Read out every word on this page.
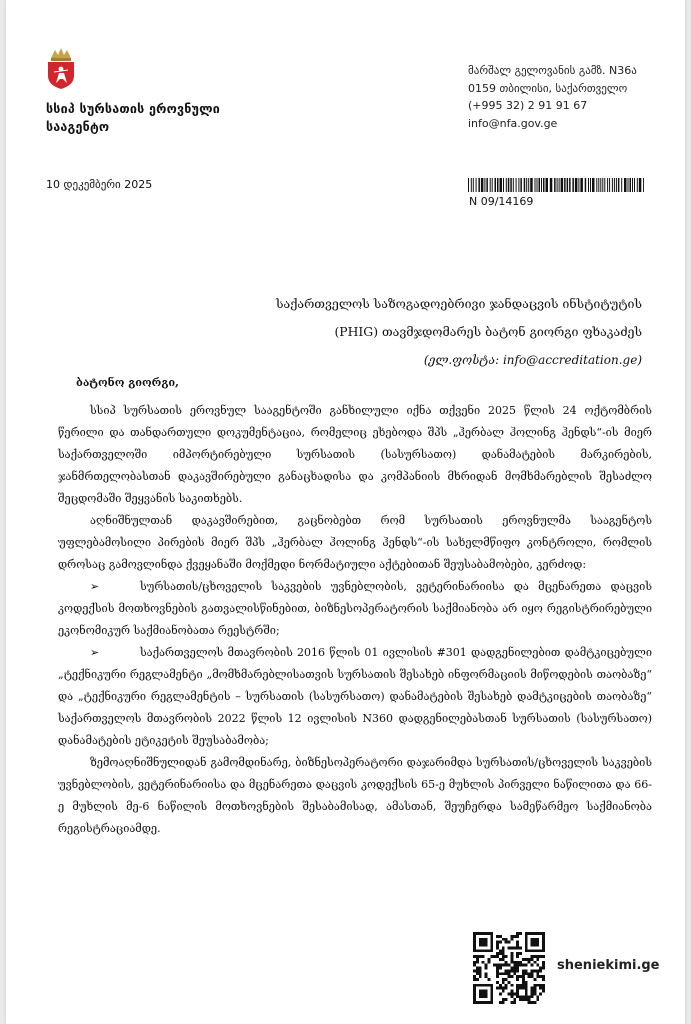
სსიპ სურსათის ეროვნული
სააგენტო
მარშალ გელოვანის გამზ. N36ა
0159 თბილისი, საქართველო
(+995 32) 2 91 91 67
info@nfa.gov.ge
10 დეკემბერი 2025
N 09/14169
საქართველოს საზოგადოებრივი ჯანდაცვის ინსტიტუტის
(PHIG) თავმჯდომარეს ბატონ გიორგი ფხაკაძეს
(ელ.ფოსტა: info@accreditation.ge)

ბატონო გიორგი,

სსიპ სურსათის ეროვნულ სააგენტოში განხილული იქნა თქვენი 2025 წლის 24 ოქტომბრის წერილი და თანდართული დოკუმენტაცია, რომელიც ეხებოდა შპს „ჰერბალ ჰოლინგ ჰენდს“-ის მიერ საქართველოში იმპორტირებული სურსათის (სასურსათო) დანამატების მარკირების, ჯანმრთელობასთან დაკავშირებული განაცხადისა და კომპანიის მხრიდან მომხმარებლის შესაძლო შეცდომაში შეყვანის საკითხებს.

აღნიშნულთან დაკავშირებით, გაცნობებთ რომ სურსათის ეროვნულმა სააგენტოს უფლებამოსილი პირების მიერ შპს „ჰერბალ ჰოლინგ ჰენდს“-ის სახელმწიფო კონტროლი, რომლის დროსაც გამოვლინდა ქვეყანაში მოქმედი ნორმატიული აქტებითან შეუსაბამობები, კერძოდ:

➢	სურსათის/ცხოველის საკვების უვნებლობის, ვეტერინარიისა და მცენარეთა დაცვის კოდექსის მოთხოვნების გათვალისწინებით, ბიზნესოპერატორის საქმიანობა არ იყო რეგისტრირებული ეკონომიკურ საქმიანობათა რეესტრში;

➢	საქართველოს მთავრობის 2016 წლის 01 ივლისის #301 დადგენილებით დამტკიცებული „ტექნიკური რეგლამენტი „მომხმარებლისათვის სურსათის შესახებ ინფორმაციის მიწოდების თაობაზე“ და „ტექნიკური რეგლამენტის – სურსათის (სასურსათო) დანამატების შესახებ დამტკიცების თაობაზე“ საქართველოს მთავრობის 2022 წლის 12 ივლისის N360 დადგენილებასთან სურსათის (სასურსათო) დანამატების ეტიკეტის შეუსაბამობა;

ზემოაღნიშნულიდან გამომდინარე, ბიზნესოპერატორი დაჯარიმდა სურსათის/ცხოველის საკვების უვნებლობის, ვეტერინარიისა და მცენარეთა დაცვის კოდექსის 65-ე მუხლის პირველი ნაწილითა და 66-ე მუხლის მე-6 ნაწილის მოთხოვნების შესაბამისად, ამასთან, შეუჩერდა სამეწარმეო საქმიანობა რეგისტრაციამდე.

sheniekimi.ge
